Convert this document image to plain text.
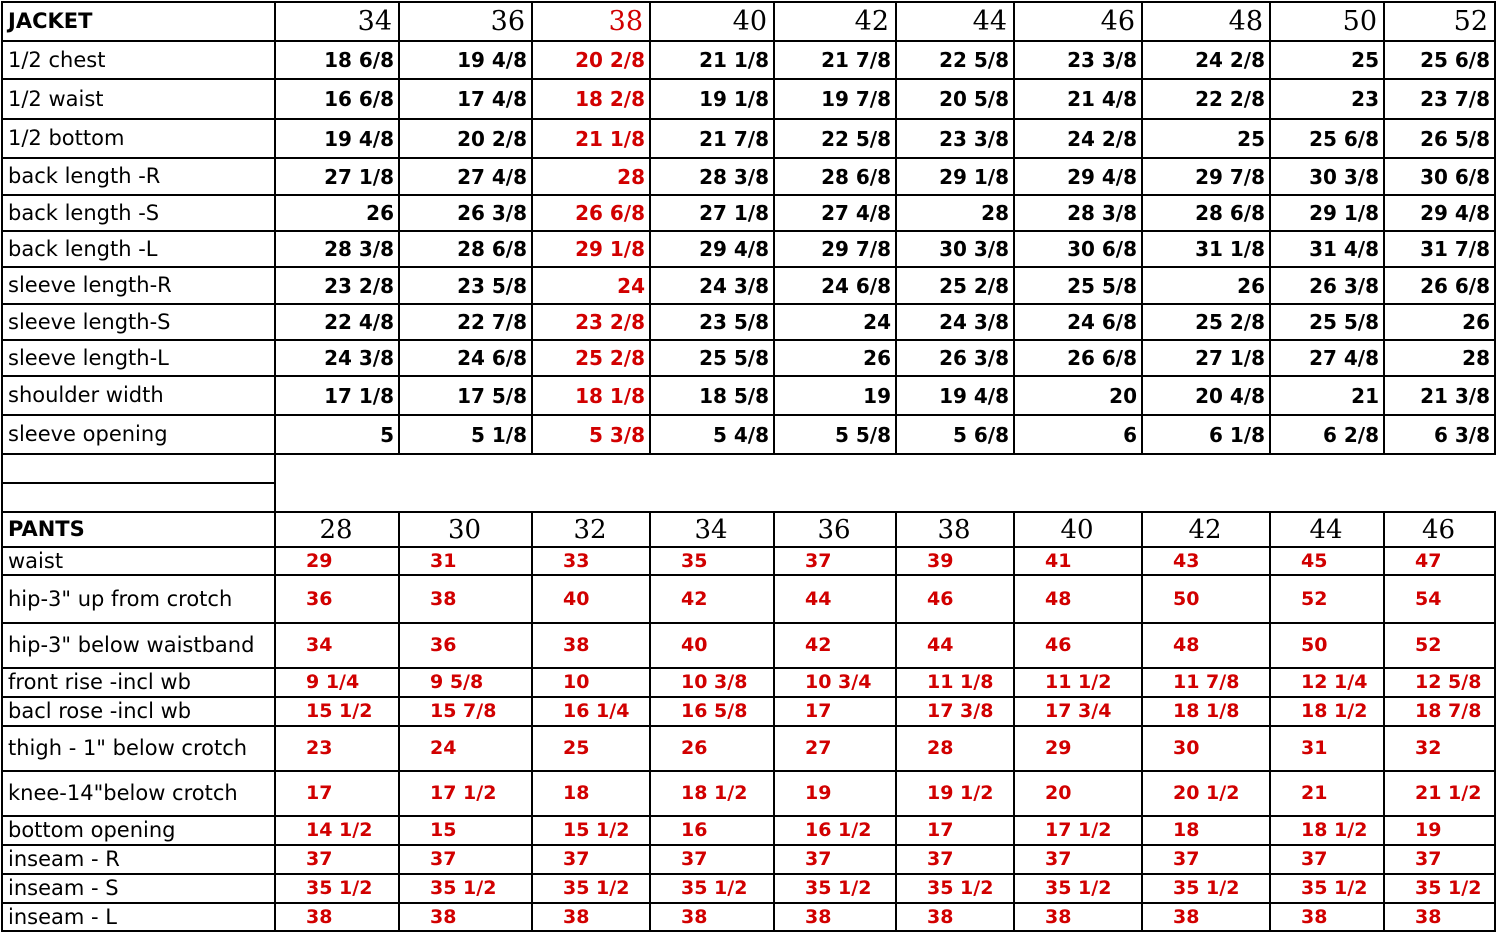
JACKET	34	36	38	40	42	44	46	48	50	52
1/2 chest	18 6/8	19 4/8	20 2/8	21 1/8	21 7/8	22 5/8	23 3/8	24 2/8	25	25 6/8
1/2 waist	16 6/8	17 4/8	18 2/8	19 1/8	19 7/8	20 5/8	21 4/8	22 2/8	23	23 7/8
1/2 bottom	19 4/8	20 2/8	21 1/8	21 7/8	22 5/8	23 3/8	24 2/8	25	25 6/8	26 5/8
back length -R	27 1/8	27 4/8	28	28 3/8	28 6/8	29 1/8	29 4/8	29 7/8	30 3/8	30 6/8
back length -S	26	26 3/8	26 6/8	27 1/8	27 4/8	28	28 3/8	28 6/8	29 1/8	29 4/8
back length -L	28 3/8	28 6/8	29 1/8	29 4/8	29 7/8	30 3/8	30 6/8	31 1/8	31 4/8	31 7/8
sleeve length-R	23 2/8	23 5/8	24	24 3/8	24 6/8	25 2/8	25 5/8	26	26 3/8	26 6/8
sleeve length-S	22 4/8	22 7/8	23 2/8	23 5/8	24	24 3/8	24 6/8	25 2/8	25 5/8	26
sleeve length-L	24 3/8	24 6/8	25 2/8	25 5/8	26	26 3/8	26 6/8	27 1/8	27 4/8	28
shoulder width	17 1/8	17 5/8	18 1/8	18 5/8	19	19 4/8	20	20 4/8	21	21 3/8
sleeve opening	5	5 1/8	5 3/8	5 4/8	5 5/8	5 6/8	6	6 1/8	6 2/8	6 3/8

PANTS	28	30	32	34	36	38	40	42	44	46
waist	29	31	33	35	37	39	41	43	45	47
hip-3" up from crotch	36	38	40	42	44	46	48	50	52	54
hip-3" below waistband	34	36	38	40	42	44	46	48	50	52
front rise -incl wb	9 1/4	9 5/8	10	10 3/8	10 3/4	11 1/8	11 1/2	11 7/8	12 1/4	12 5/8
bacl rose -incl wb	15 1/2	15 7/8	16 1/4	16 5/8	17	17 3/8	17 3/4	18 1/8	18 1/2	18 7/8
thigh - 1" below crotch	23	24	25	26	27	28	29	30	31	32
knee-14"below crotch	17	17 1/2	18	18 1/2	19	19 1/2	20	20 1/2	21	21 1/2
bottom opening	14 1/2	15	15 1/2	16	16 1/2	17	17 1/2	18	18 1/2	19
inseam - R	37	37	37	37	37	37	37	37	37	37
inseam - S	35 1/2	35 1/2	35 1/2	35 1/2	35 1/2	35 1/2	35 1/2	35 1/2	35 1/2	35 1/2
inseam - L	38	38	38	38	38	38	38	38	38	38
